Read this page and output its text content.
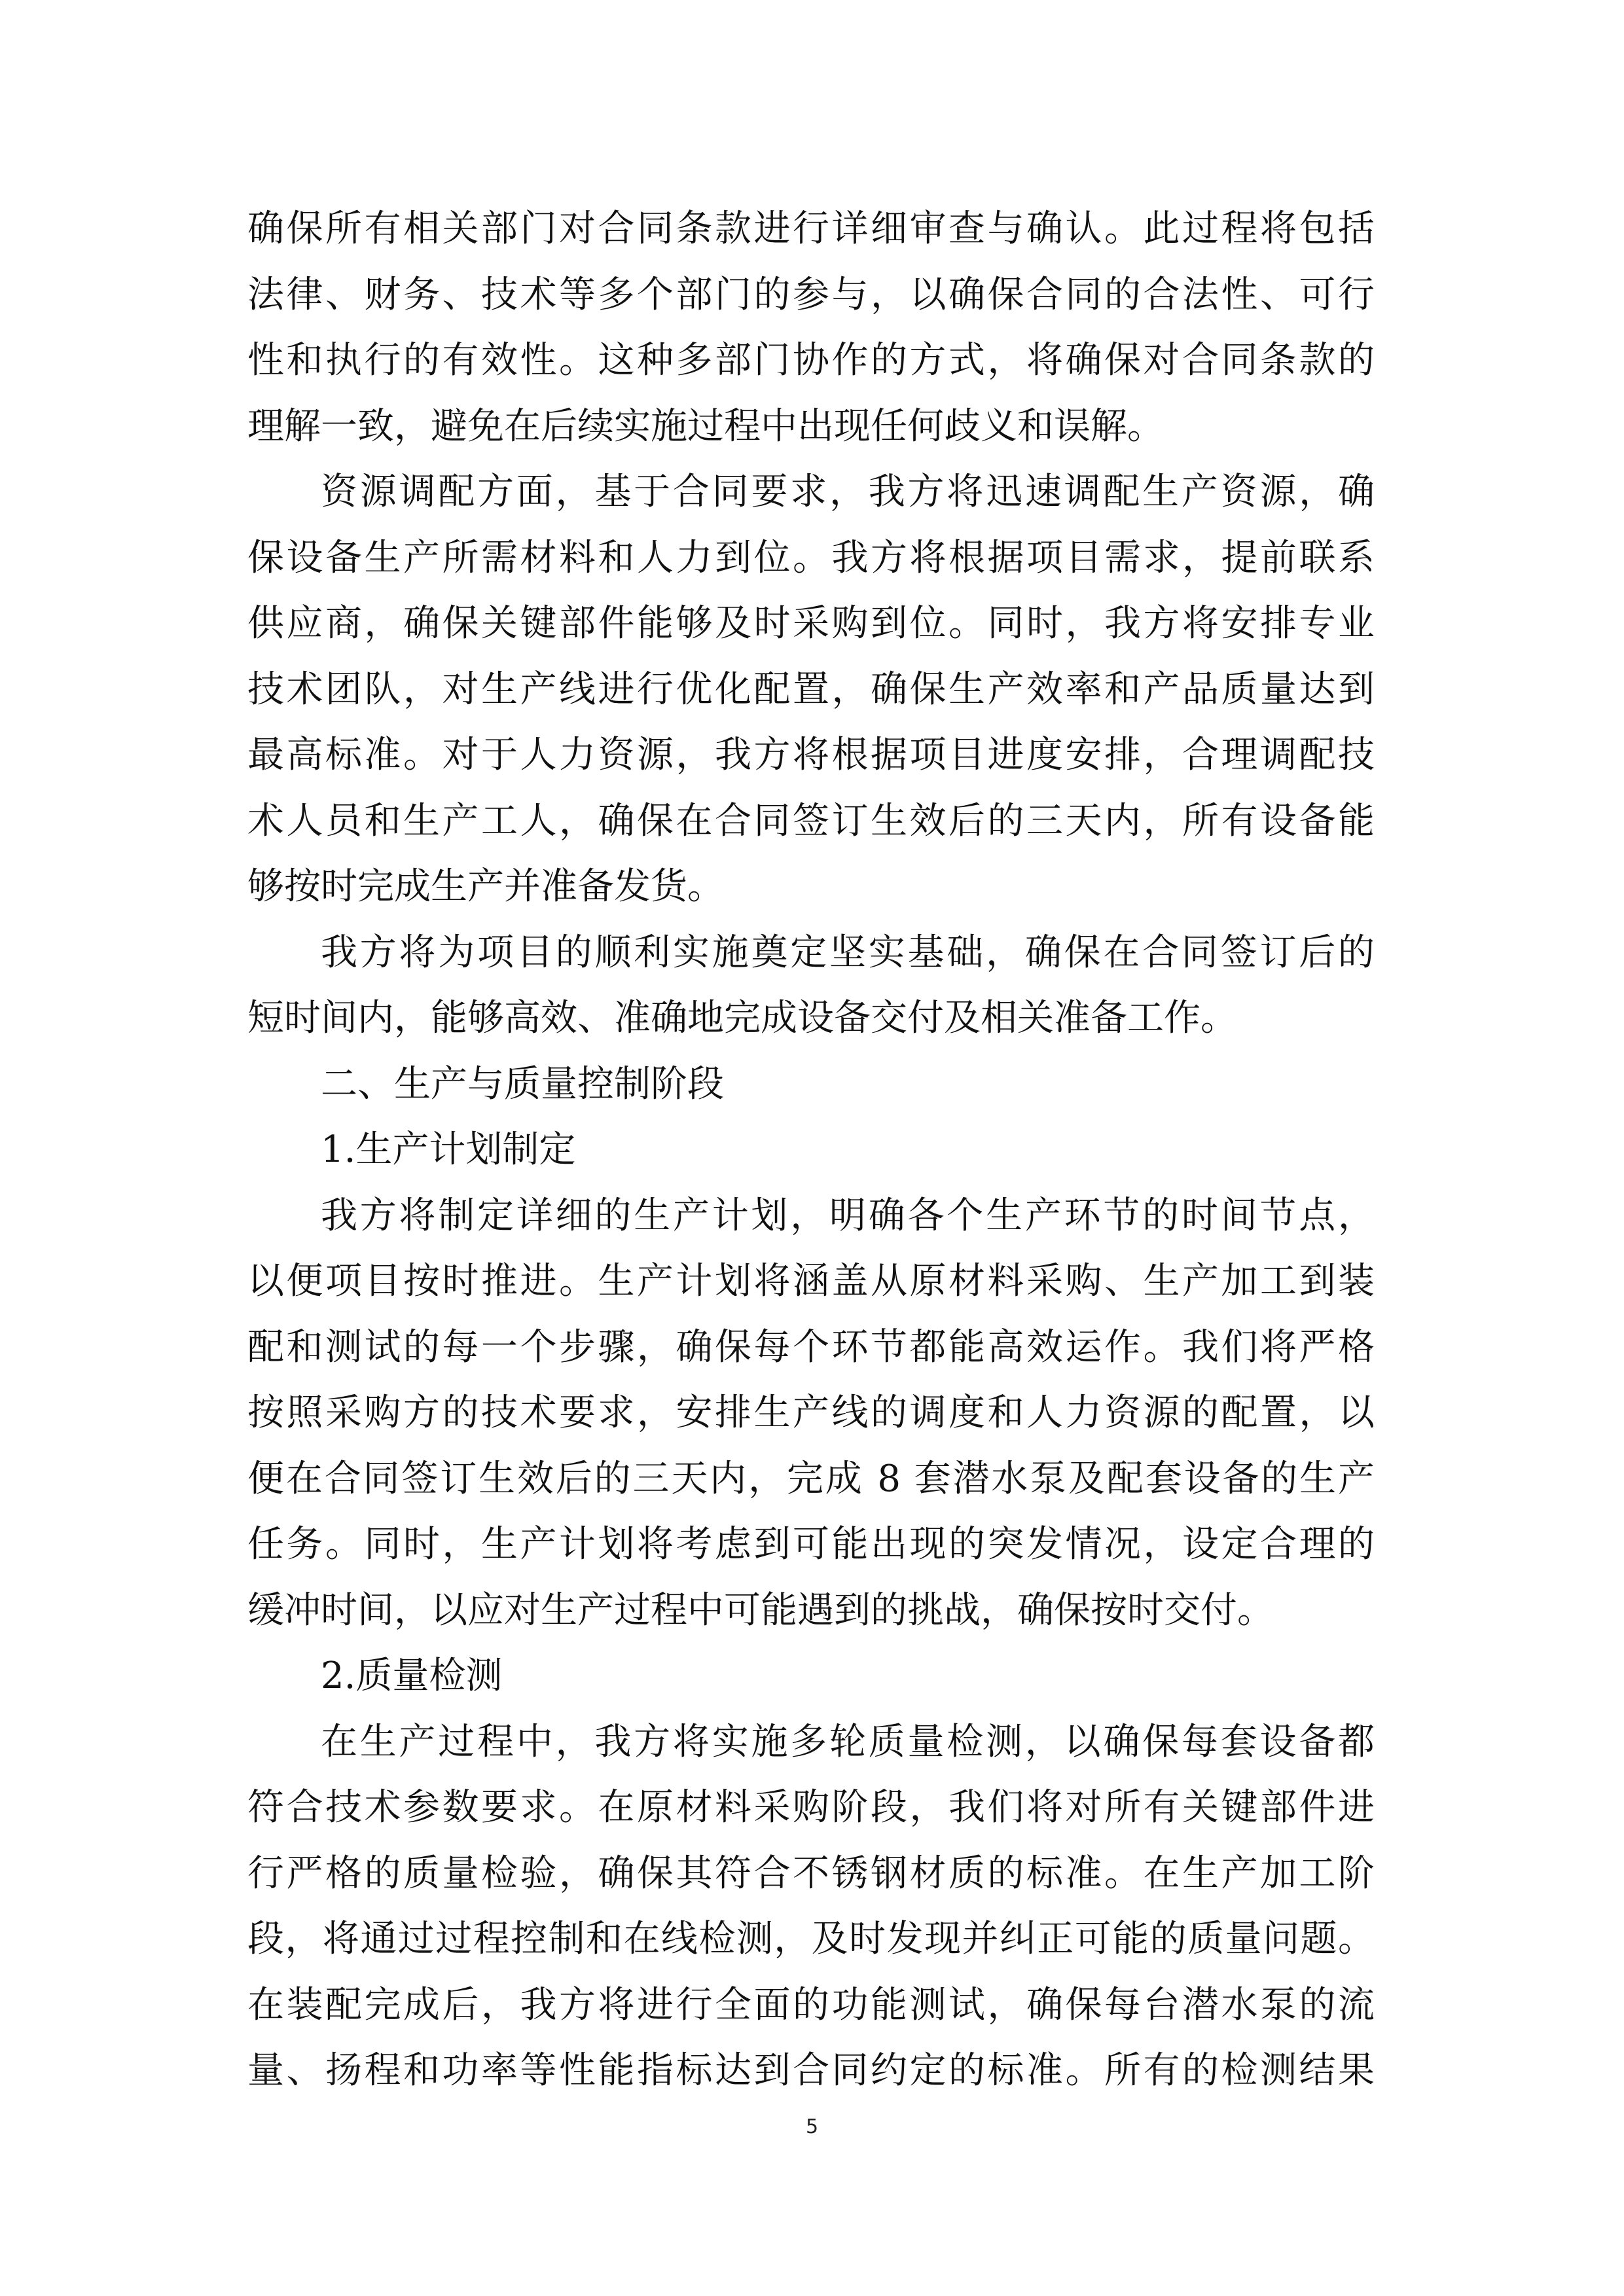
确保所有相关部门对合同条款进行详细审查与确认。此过程将包括
法律、财务、技术等多个部门的参与，以确保合同的合法性、可行
性和执行的有效性。这种多部门协作的方式，将确保对合同条款的
理解一致，避免在后续实施过程中出现任何歧义和误解。
资源调配方面，基于合同要求，我方将迅速调配生产资源，确
保设备生产所需材料和人力到位。我方将根据项目需求，提前联系
供应商，确保关键部件能够及时采购到位。同时，我方将安排专业
技术团队，对生产线进行优化配置，确保生产效率和产品质量达到
最高标准。对于人力资源，我方将根据项目进度安排，合理调配技
术人员和生产工人，确保在合同签订生效后的三天内，所有设备能
够按时完成生产并准备发货。
我方将为项目的顺利实施奠定坚实基础，确保在合同签订后的
短时间内，能够高效、准确地完成设备交付及相关准备工作。
二、生产与质量控制阶段
1.生产计划制定
我方将制定详细的生产计划，明确各个生产环节的时间节点，
以便项目按时推进。生产计划将涵盖从原材料采购、生产加工到装
配和测试的每一个步骤，确保每个环节都能高效运作。我们将严格
按照采购方的技术要求，安排生产线的调度和人力资源的配置，以
便在合同签订生效后的三天内，完成 8 套潜水泵及配套设备的生产
任务。同时，生产计划将考虑到可能出现的突发情况，设定合理的
缓冲时间，以应对生产过程中可能遇到的挑战，确保按时交付。
2.质量检测
在生产过程中，我方将实施多轮质量检测，以确保每套设备都
符合技术参数要求。在原材料采购阶段，我们将对所有关键部件进
行严格的质量检验，确保其符合不锈钢材质的标准。在生产加工阶
段，将通过过程控制和在线检测，及时发现并纠正可能的质量问题。
在装配完成后，我方将进行全面的功能测试，确保每台潜水泵的流
量、扬程和功率等性能指标达到合同约定的标准。所有的检测结果
5
